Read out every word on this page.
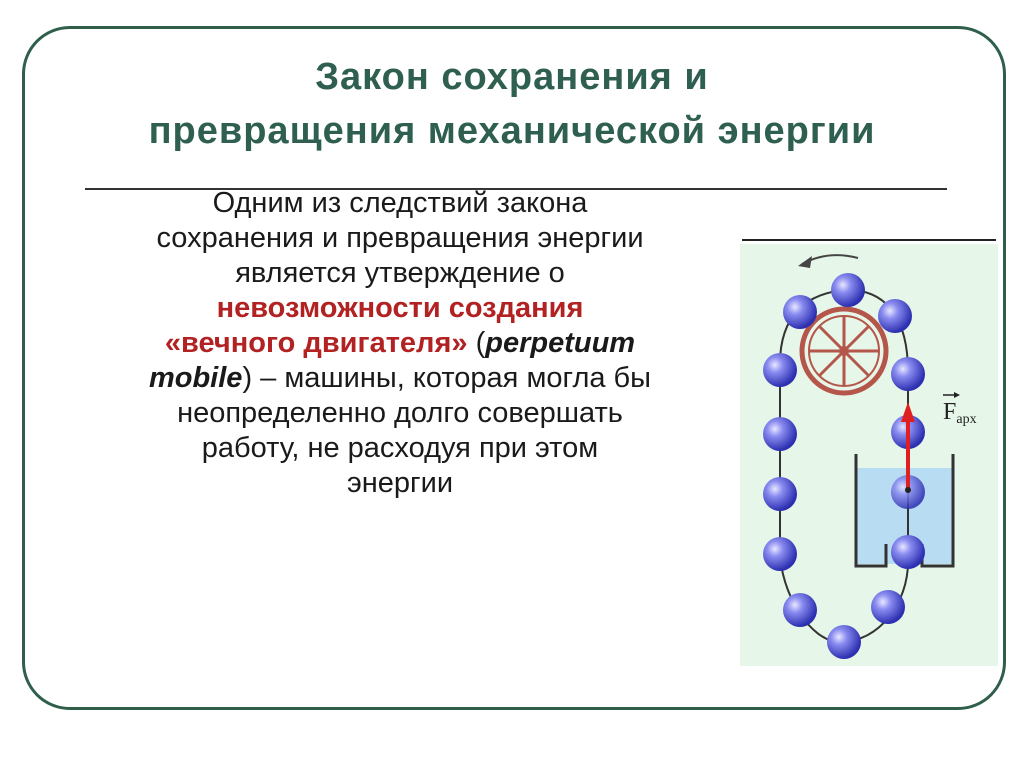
Закон сохранения и
превращения механической энергии
Одним из следствий закона
сохранения и превращения энергии
является утверждение о
невозможности создания
«вечного двигателя» (perpetuum
mobile) – машины, которая могла бы
неопределенно долго совершать
работу, не расходуя при этом
энергии
Fарх
